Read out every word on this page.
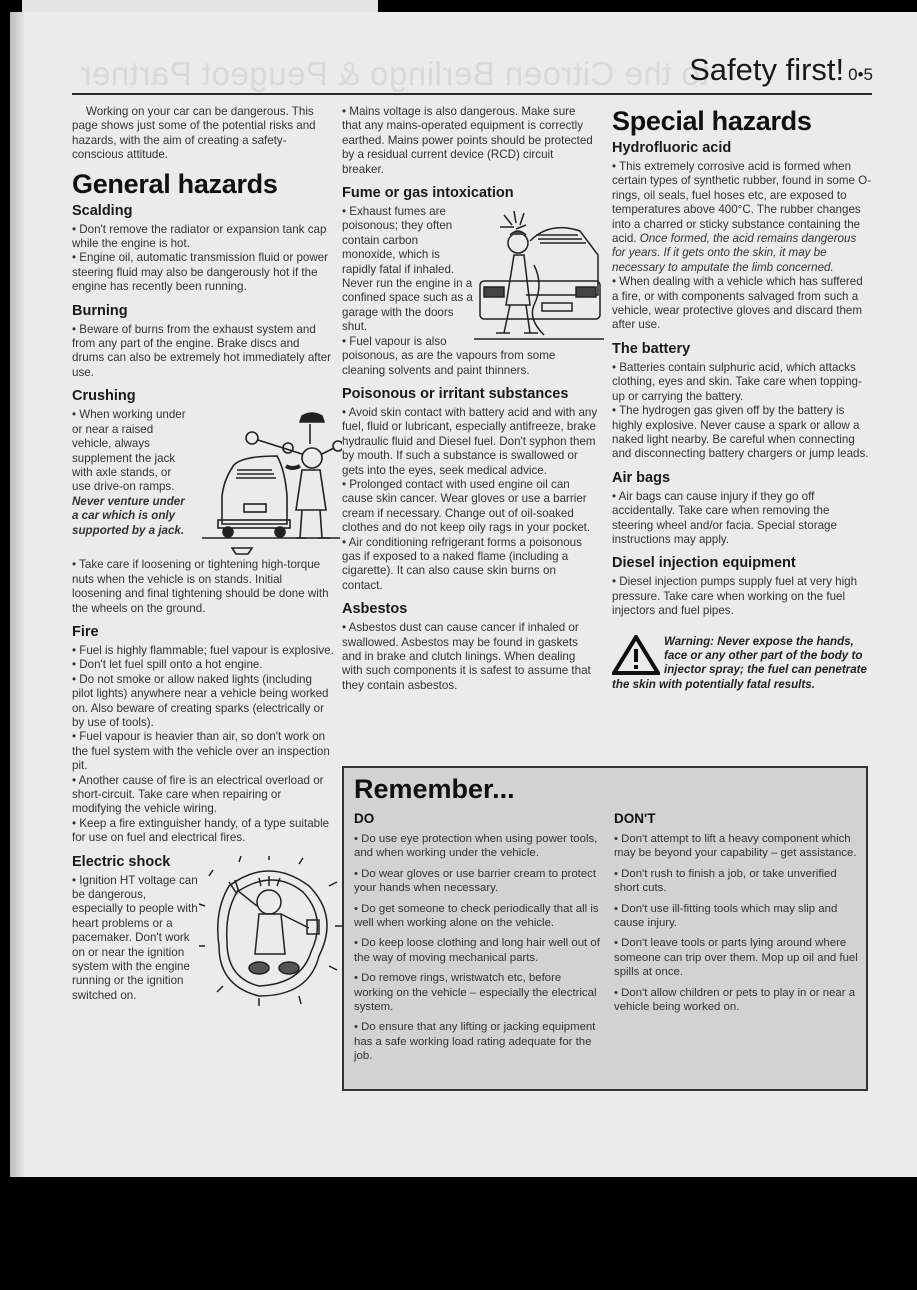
to the Citroen Berlingo & Peugeot Partner
Safety first! 0•5

Working on your car can be dangerous. This page shows just some of the potential risks and hazards, with the aim of creating a safety-conscious attitude.

General hazards
Scalding

• Don't remove the radiator or expansion tank cap while the engine is hot.

• Engine oil, automatic transmission fluid or power steering fluid may also be dangerously hot if the engine has recently been running.

Burning

• Beware of burns from the exhaust system and from any part of the engine. Brake discs and drums can also be extremely hot immediately after use.

Crushing

• When working under or near a raised vehicle, always supplement the jack with axle stands, or use drive-on ramps. Never venture under a car which is only supported by a jack.

• Take care if loosening or tightening high-torque nuts when the vehicle is on stands. Initial loosening and final tightening should be done with the wheels on the ground.

Fire

• Fuel is highly flammable; fuel vapour is explosive.

• Don't let fuel spill onto a hot engine.

• Do not smoke or allow naked lights (including pilot lights) anywhere near a vehicle being worked on. Also beware of creating sparks (electrically or by use of tools).

• Fuel vapour is heavier than air, so don't work on the fuel system with the vehicle over an inspection pit.

• Another cause of fire is an electrical overload or short-circuit. Take care when repairing or modifying the vehicle wiring.

• Keep a fire extinguisher handy, of a type suitable for use on fuel and electrical fires.

Electric shock

• Ignition HT voltage can be dangerous, especially to people with heart problems or a pacemaker. Don't work on or near the ignition system with the engine running or the ignition switched on.

• Mains voltage is also dangerous. Make sure that any mains-operated equipment is correctly earthed. Mains power points should be protected by a residual current device (RCD) circuit breaker.

Fume or gas intoxication

• Exhaust fumes are poisonous; they often contain carbon monoxide, which is rapidly fatal if inhaled. Never run the engine in a confined space such as a garage with the doors shut.

• Fuel vapour is also poisonous, as are the vapours from some cleaning solvents and paint thinners.

Poisonous or irritant substances

• Avoid skin contact with battery acid and with any fuel, fluid or lubricant, especially antifreeze, brake hydraulic fluid and Diesel fuel. Don't syphon them by mouth. If such a substance is swallowed or gets into the eyes, seek medical advice.

• Prolonged contact with used engine oil can cause skin cancer. Wear gloves or use a barrier cream if necessary. Change out of oil-soaked clothes and do not keep oily rags in your pocket.

• Air conditioning refrigerant forms a poisonous gas if exposed to a naked flame (including a cigarette). It can also cause skin burns on contact.

Asbestos

• Asbestos dust can cause cancer if inhaled or swallowed. Asbestos may be found in gaskets and in brake and clutch linings. When dealing with such components it is safest to assume that they contain asbestos.

Special hazards
Hydrofluoric acid

• This extremely corrosive acid is formed when certain types of synthetic rubber, found in some O-rings, oil seals, fuel hoses etc, are exposed to temperatures above 400°C. The rubber changes into a charred or sticky substance containing the acid. Once formed, the acid remains dangerous for years. If it gets onto the skin, it may be necessary to amputate the limb concerned.

• When dealing with a vehicle which has suffered a fire, or with components salvaged from such a vehicle, wear protective gloves and discard them after use.

The battery

• Batteries contain sulphuric acid, which attacks clothing, eyes and skin. Take care when topping-up or carrying the battery.

• The hydrogen gas given off by the battery is highly explosive. Never cause a spark or allow a naked light nearby. Be careful when connecting and disconnecting battery chargers or jump leads.

Air bags

• Air bags can cause injury if they go off accidentally. Take care when removing the steering wheel and/or facia. Special storage instructions may apply.

Diesel injection equipment

• Diesel injection pumps supply fuel at very high pressure. Take care when working on the fuel injectors and fuel pipes.

Warning: Never expose the hands, face or any other part of the body to injector spray; the fuel can penetrate the skin with potentially fatal results.
Remember...
DO

• Do use eye protection when using power tools, and when working under the vehicle.

• Do wear gloves or use barrier cream to protect your hands when necessary.

• Do get someone to check periodically that all is well when working alone on the vehicle.

• Do keep loose clothing and long hair well out of the way of moving mechanical parts.

• Do remove rings, wristwatch etc, before working on the vehicle – especially the electrical system.

• Do ensure that any lifting or jacking equipment has a safe working load rating adequate for the job.

DON'T

• Don't attempt to lift a heavy component which may be beyond your capability – get assistance.

• Don't rush to finish a job, or take unverified short cuts.

• Don't use ill-fitting tools which may slip and cause injury.

• Don't leave tools or parts lying around where someone can trip over them. Mop up oil and fuel spills at once.

• Don't allow children or pets to play in or near a vehicle being worked on.
